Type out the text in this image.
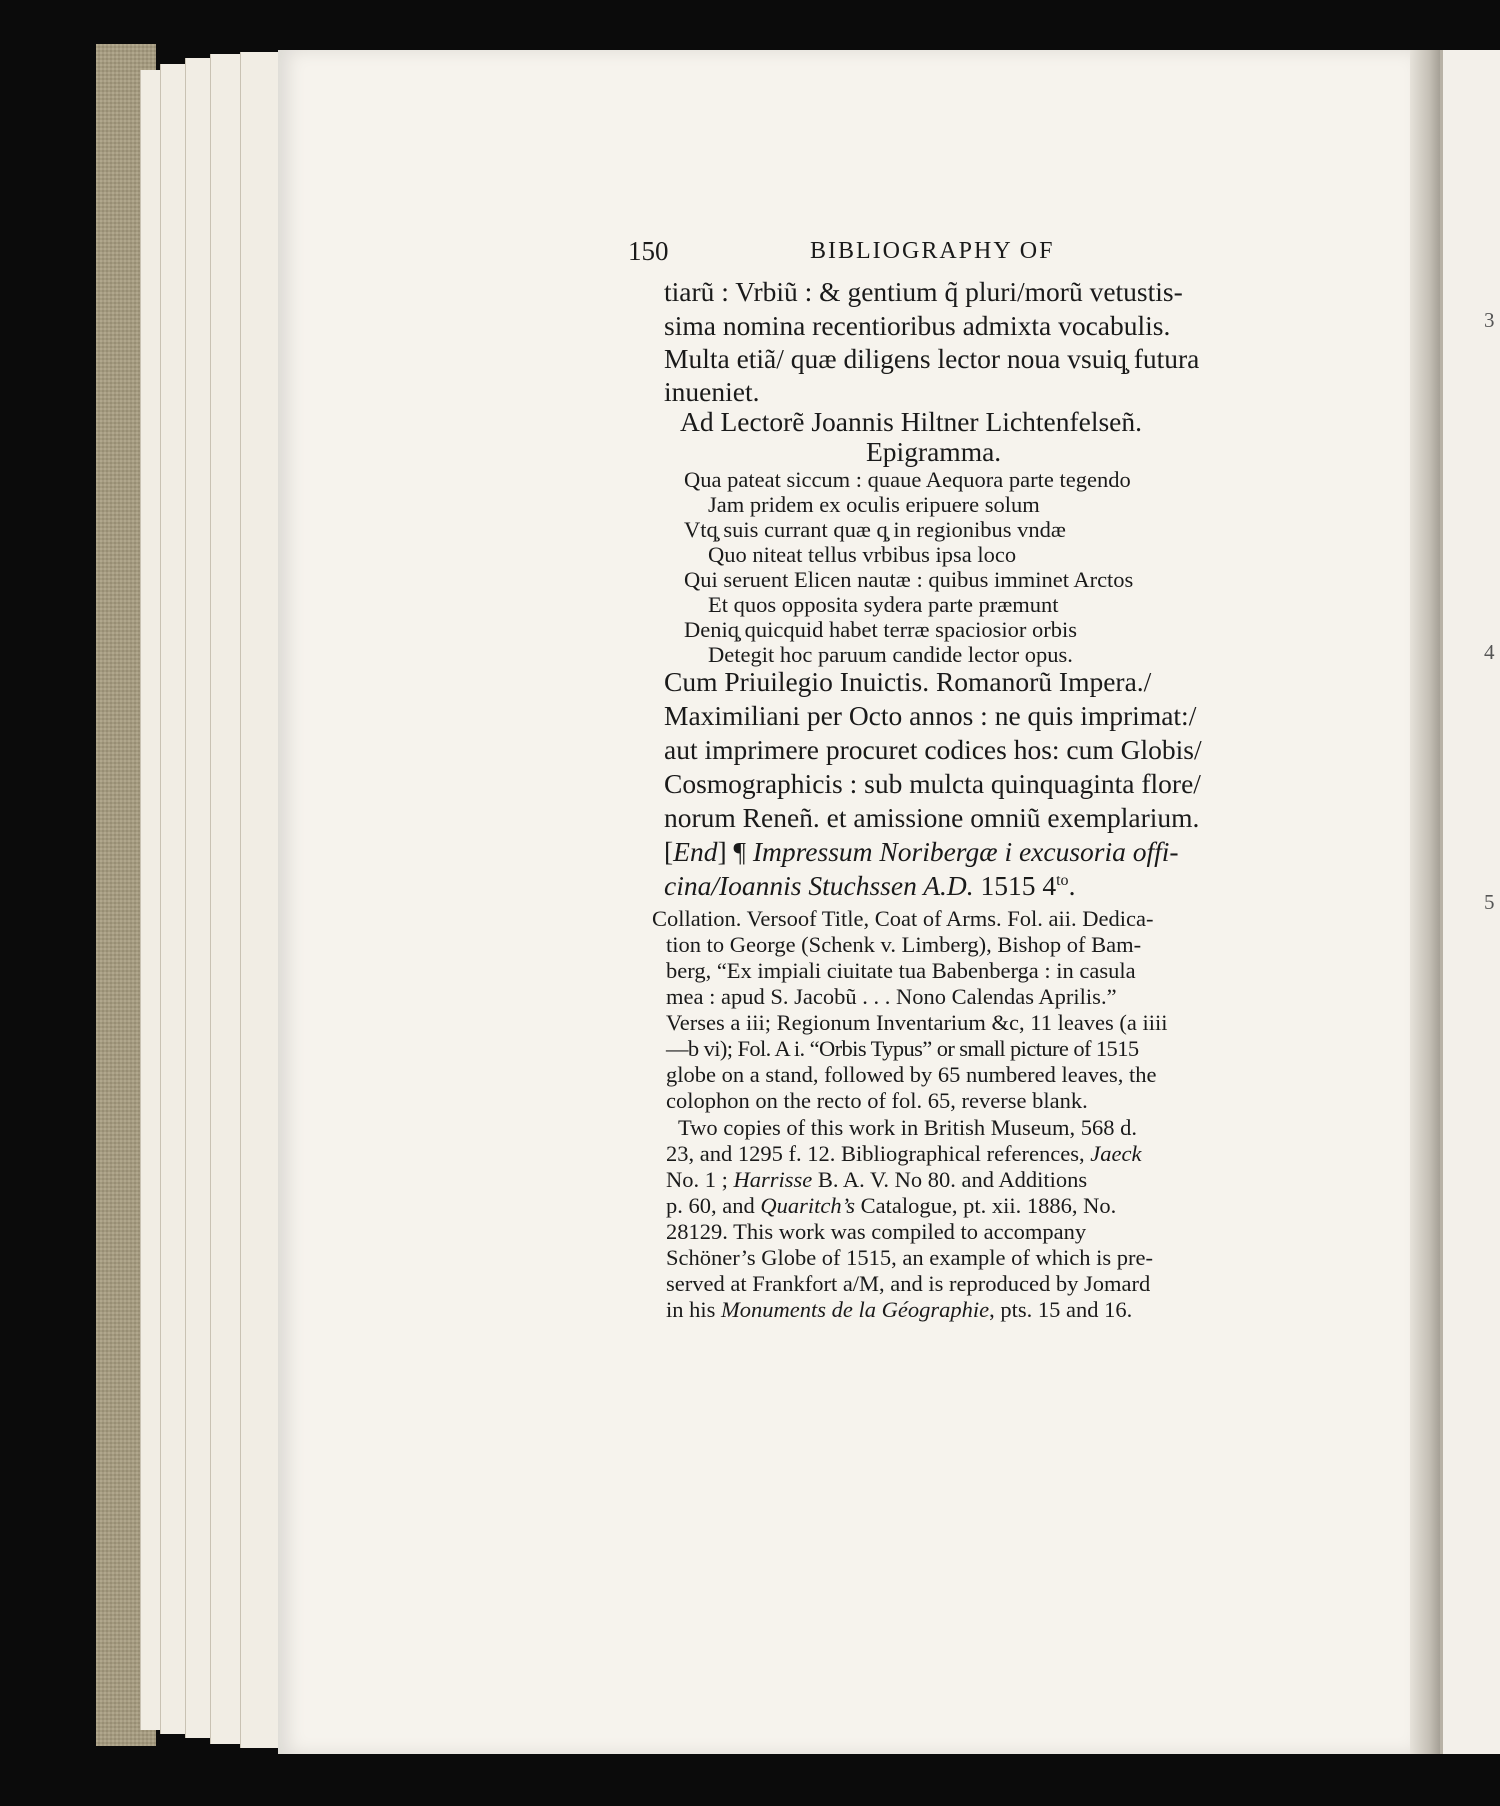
3
4
5
150	BIBLIOGRAPHY OF
tiarũ : Vrbiũ : & gentium q̃ pluri/morũ vetustis-
sima nomina recentioribus admixta vocabulis.
Multa etiã/ quæ diligens lector noua vsuiq̧ futura
inueniet.
Ad Lectorẽ Joannis Hiltner Lichtenfelseñ.
Epigramma.
Qua pateat siccum : quaue Aequora parte tegendo
Jam pridem ex oculis eripuere solum
Vtq̧ suis currant quæ q̧ in regionibus vndæ
Quo niteat tellus vrbibus ipsa loco
Qui seruent Elicen nautæ : quibus imminet Arctos
Et quos opposita sydera parte præmunt
Deniq̧ quicquid habet terræ spaciosior orbis
Detegit hoc paruum candide lector opus.
Cum Priuilegio Inuictis. Romanorũ Impera./
Maximiliani per Octo annos : ne quis imprimat:/
aut imprimere procuret codices hos: cum Globis/
Cosmographicis : sub mulcta quinquaginta flore/
norum Reneñ. et amissione omniũ exemplarium.
[End] ¶ Impressum Noribergæ i excusoria offi-
cina/Ioannis Stuchssen A.D. 1515 $4^{to}$.
Collation. Versoof Title, Coat of Arms. Fol. aii. Dedica-
tion to George (Schenk v. Limberg), Bishop of Bam-
berg, “Ex impiali ciuitate tua Babenberga : in casula
mea : apud S. Jacobũ . . . Nono Calendas Aprilis.”
Verses a iii; Regionum Inventarium &c, 11 leaves (a iiii
—b vi); Fol. A i. “Orbis Typus” or small picture of 1515
globe on a stand, followed by 65 numbered leaves, the
colophon on the recto of fol. 65, reverse blank.
Two copies of this work in British Museum, 568 d.
23, and 1295 f. 12. Bibliographical references, Jaeck
No. 1 ; Harrisse B. A. V. No 80. and Additions
p. 60, and Quaritch’s Catalogue, pt. xii. 1886, No.
28129. This work was compiled to accompany
Schöner’s Globe of 1515, an example of which is pre-
served at Frankfort a/M, and is reproduced by Jomard
in his Monuments de la Géographie, pts. 15 and 16.
